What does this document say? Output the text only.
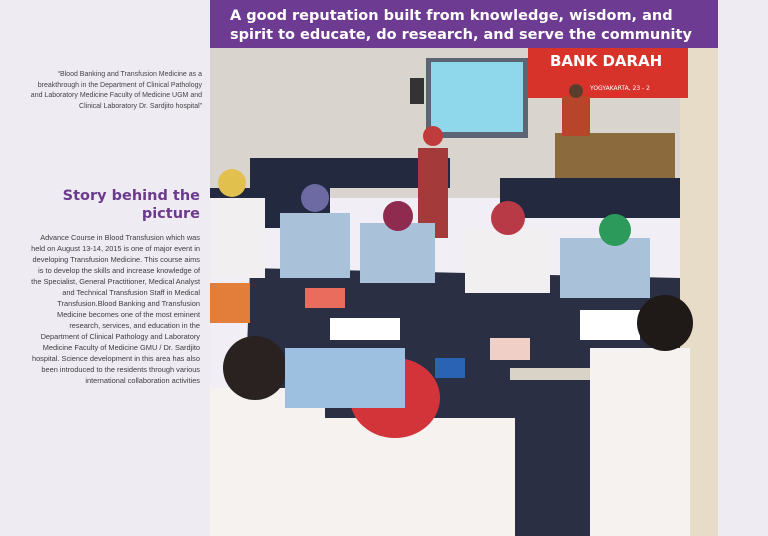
“Blood Banking and Transfusion Medicine as a breakthrough in the Department of Clinical Pathology and Laboratory Medicine Faculty of Medicine UGM and Clinical Laboratory Dr. Sardjito hospital”
Story behind the picture
Advance Course in Blood Transfusion which was held on August 13-14, 2015 is one of major event in developing Transfusion Medicine. This course aims is to develop the skills and increase knowledge of the Specialist, General Practitioner, Medical Analyst and Technical Transfusion Staff in Medical Transfusion.Blood Banking and Transfusion Medicine becomes one of the most eminent research, services, and education in the Department of Clinical Pathology and Laboratory Medicine Faculty of Medicine GMU / Dr. Sardjito hospital. Science development in this area has also been introduced to the residents through various international collaboration activities
A good reputation built from knowledge, wisdom, and spirit to educate, do research, and serve the community
BANK DARAH
YOGYAKARTA, 23 - 2
